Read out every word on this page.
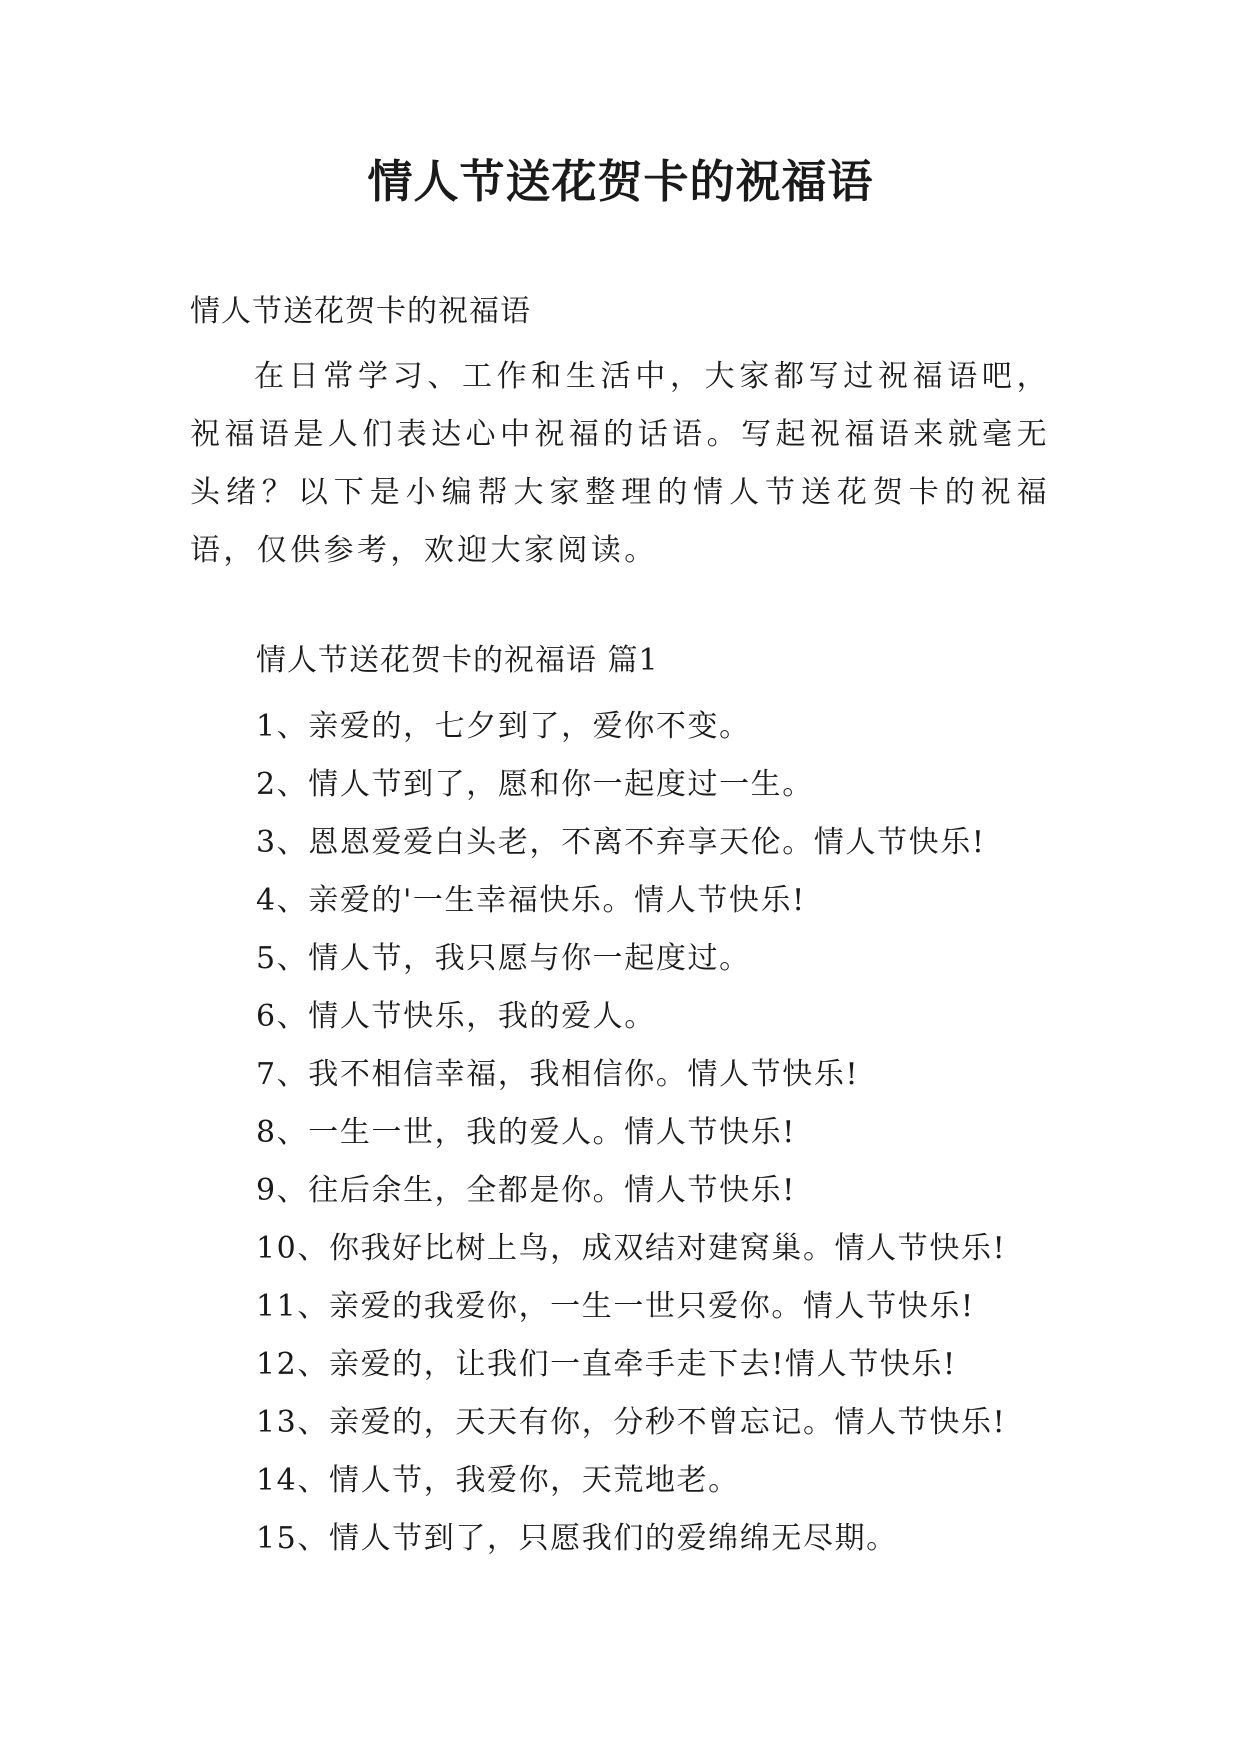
情人节送花贺卡的祝福语

情人节送花贺卡的祝福语

在日常学习、工作和生活中，大家都写过祝福语吧，祝福语是人们表达心中祝福的话语。写起祝福语来就毫无头绪？以下是小编帮大家整理的情人节送花贺卡的祝福语，仅供参考，欢迎大家阅读。

情人节送花贺卡的祝福语 篇1

1、亲爱的，七夕到了，爱你不变。
2、情人节到了，愿和你一起度过一生。
3、恩恩爱爱白头老，不离不弃享天伦。情人节快乐!
4、亲爱的'一生幸福快乐。情人节快乐!
5、情人节，我只愿与你一起度过。
6、情人节快乐，我的爱人。
7、我不相信幸福，我相信你。情人节快乐!
8、一生一世，我的爱人。情人节快乐!
9、往后余生，全都是你。情人节快乐!
10、你我好比树上鸟，成双结对建窝巢。情人节快乐!
11、亲爱的我爱你，一生一世只爱你。情人节快乐!
12、亲爱的，让我们一直牵手走下去!情人节快乐!
13、亲爱的，天天有你，分秒不曾忘记。情人节快乐!
14、情人节，我爱你，天荒地老。
15、情人节到了，只愿我们的爱绵绵无尽期。
